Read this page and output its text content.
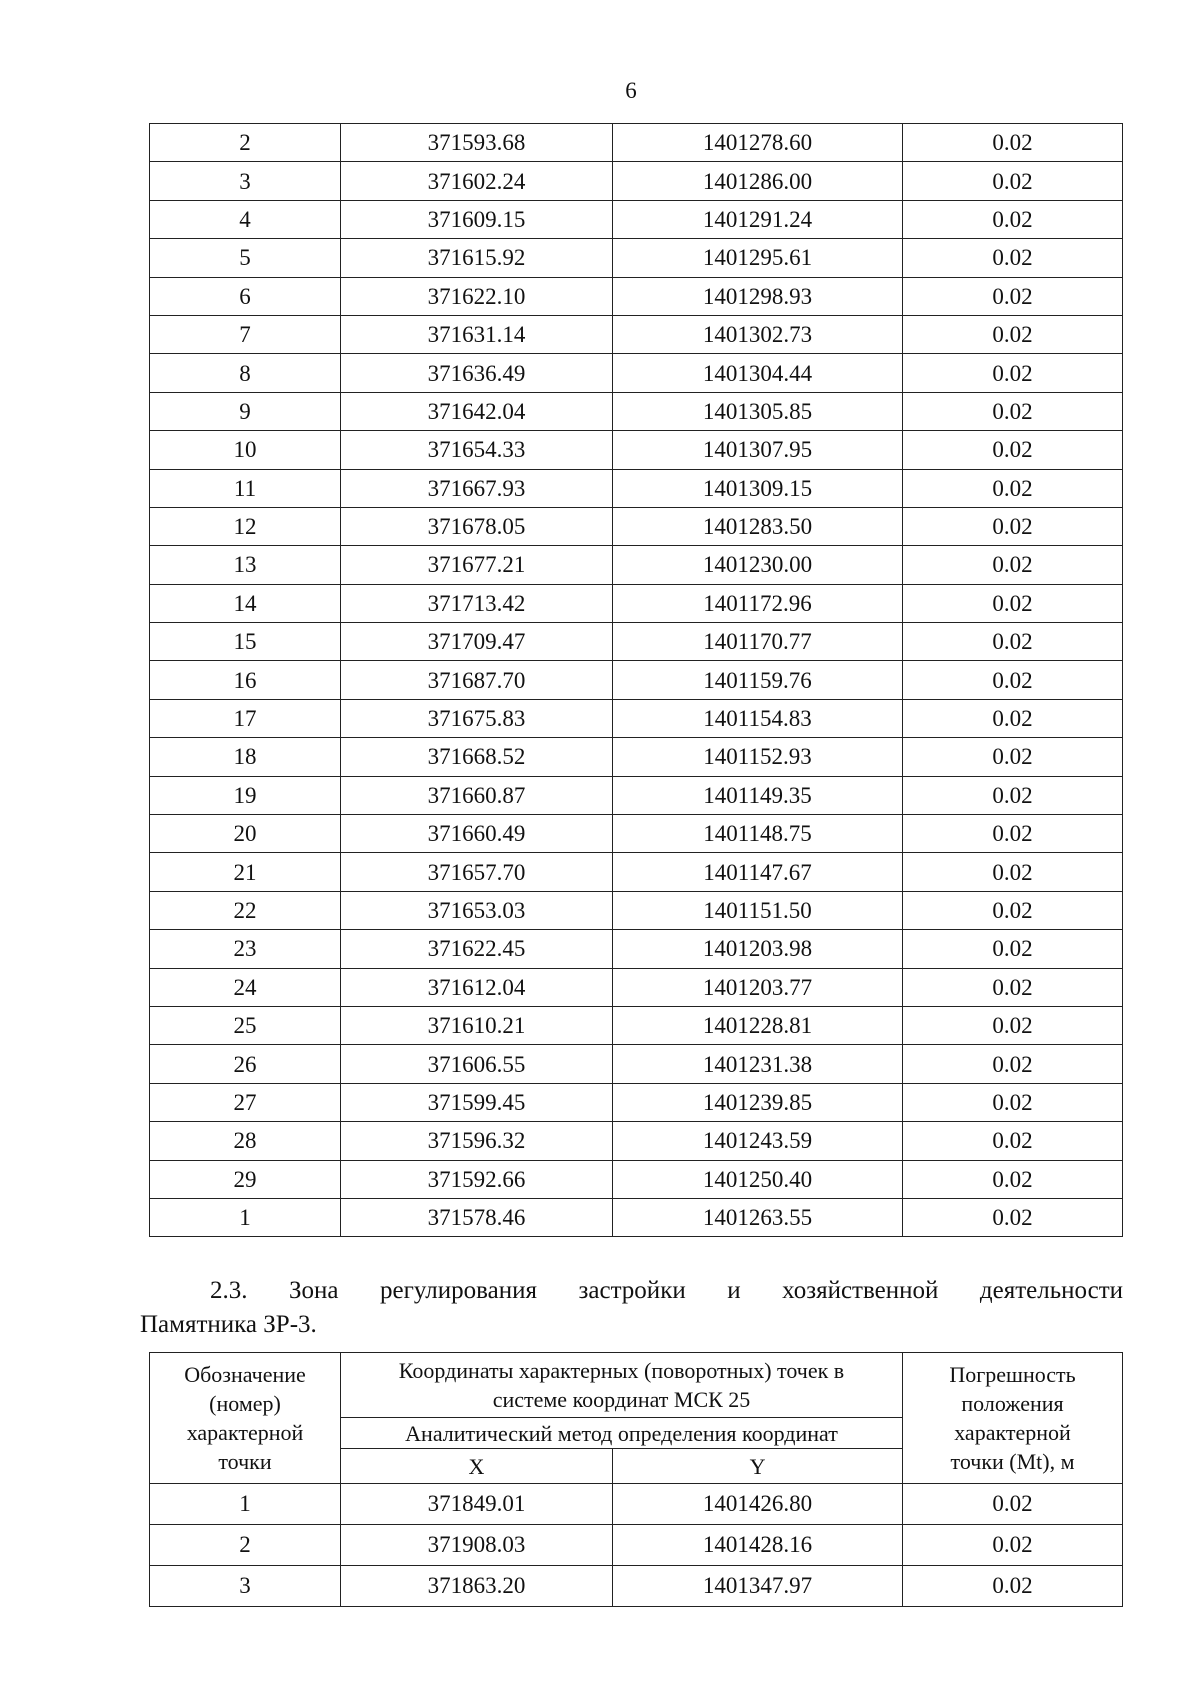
6
2	371593.68	1401278.60	0.02
3	371602.24	1401286.00	0.02
4	371609.15	1401291.24	0.02
5	371615.92	1401295.61	0.02
6	371622.10	1401298.93	0.02
7	371631.14	1401302.73	0.02
8	371636.49	1401304.44	0.02
9	371642.04	1401305.85	0.02
10	371654.33	1401307.95	0.02
11	371667.93	1401309.15	0.02
12	371678.05	1401283.50	0.02
13	371677.21	1401230.00	0.02
14	371713.42	1401172.96	0.02
15	371709.47	1401170.77	0.02
16	371687.70	1401159.76	0.02
17	371675.83	1401154.83	0.02
18	371668.52	1401152.93	0.02
19	371660.87	1401149.35	0.02
20	371660.49	1401148.75	0.02
21	371657.70	1401147.67	0.02
22	371653.03	1401151.50	0.02
23	371622.45	1401203.98	0.02
24	371612.04	1401203.77	0.02
25	371610.21	1401228.81	0.02
26	371606.55	1401231.38	0.02
27	371599.45	1401239.85	0.02
28	371596.32	1401243.59	0.02
29	371592.66	1401250.40	0.02
1	371578.46	1401263.55	0.02
2.3. Зона регулирования застройки и хозяйственной деятельности
Памятника ЗР-3.
Обозначение (номер) характерной точки	Координаты характерных (поворотных) точек в системе координат МСК 25		Погрешность положения характерной точки (Mt), м
	Аналитический метод определения координат		
	X	Y	
1	371849.01	1401426.80	0.02
2	371908.03	1401428.16	0.02
3	371863.20	1401347.97	0.02
